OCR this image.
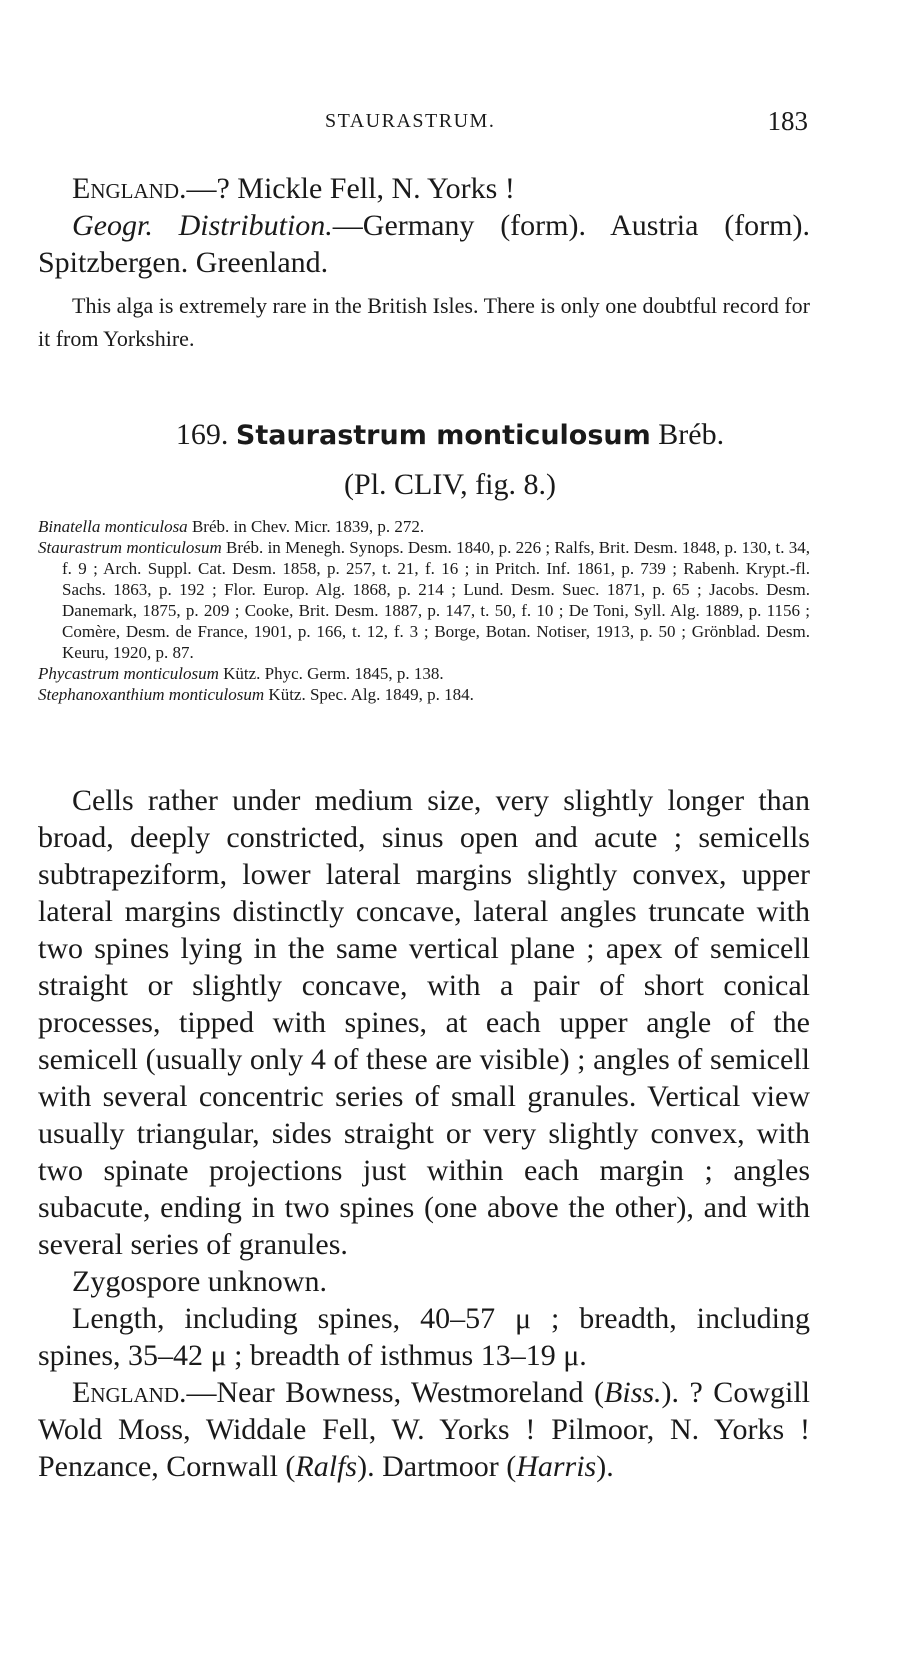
STAURASTRUM.	183

England.—? Mickle Fell, N. Yorks !

Geogr. Distribution.—Germany (form). Austria (form). Spitzbergen. Greenland.

This alga is extremely rare in the British Isles. There is only one doubtful record for it from Yorkshire.

169. Staurastrum monticulosum Bréb.
(Pl. CLIV, fig. 8.)

Binatella monticulosa Bréb. in Chev. Micr. 1839, p. 272.

Staurastrum monticulosum Bréb. in Menegh. Synops. Desm. 1840, p. 226 ; Ralfs, Brit. Desm. 1848, p. 130, t. 34, f. 9 ; Arch. Suppl. Cat. Desm. 1858, p. 257, t. 21, f. 16 ; in Pritch. Inf. 1861, p. 739 ; Rabenh. Krypt.-fl. Sachs. 1863, p. 192 ; Flor. Europ. Alg. 1868, p. 214 ; Lund. Desm. Suec. 1871, p. 65 ; Jacobs. Desm. Danemark, 1875, p. 209 ; Cooke, Brit. Desm. 1887, p. 147, t. 50, f. 10 ; De Toni, Syll. Alg. 1889, p. 1156 ; Comère, Desm. de France, 1901, p. 166, t. 12, f. 3 ; Borge, Botan. Notiser, 1913, p. 50 ; Grönblad. Desm. Keuru, 1920, p. 87.

Phycastrum monticulosum Kütz. Phyc. Germ. 1845, p. 138.

Stephanoxanthium monticulosum Kütz. Spec. Alg. 1849, p. 184.

Cells rather under medium size, very slightly longer than broad, deeply constricted, sinus open and acute ; semicells subtrapeziform, lower lateral margins slightly convex, upper lateral margins distinctly concave, lateral angles truncate with two spines lying in the same vertical plane ; apex of semicell straight or slightly concave, with a pair of short conical processes, tipped with spines, at each upper angle of the semicell (usually only 4 of these are visible) ; angles of semicell with several concentric series of small granules. Vertical view usually triangular, sides straight or very slightly convex, with two spinate projections just within each margin ; angles subacute, ending in two spines (one above the other), and with several series of granules.

Zygospore unknown.

Length, including spines, 40–57 μ ; breadth, including spines, 35–42 μ ; breadth of isthmus 13–19 μ.

England.—Near Bowness, Westmoreland (Biss.). ? Cowgill Wold Moss, Widdale Fell, W. Yorks ! Pilmoor, N. Yorks ! Penzance, Cornwall (Ralfs). Dartmoor (Harris).
